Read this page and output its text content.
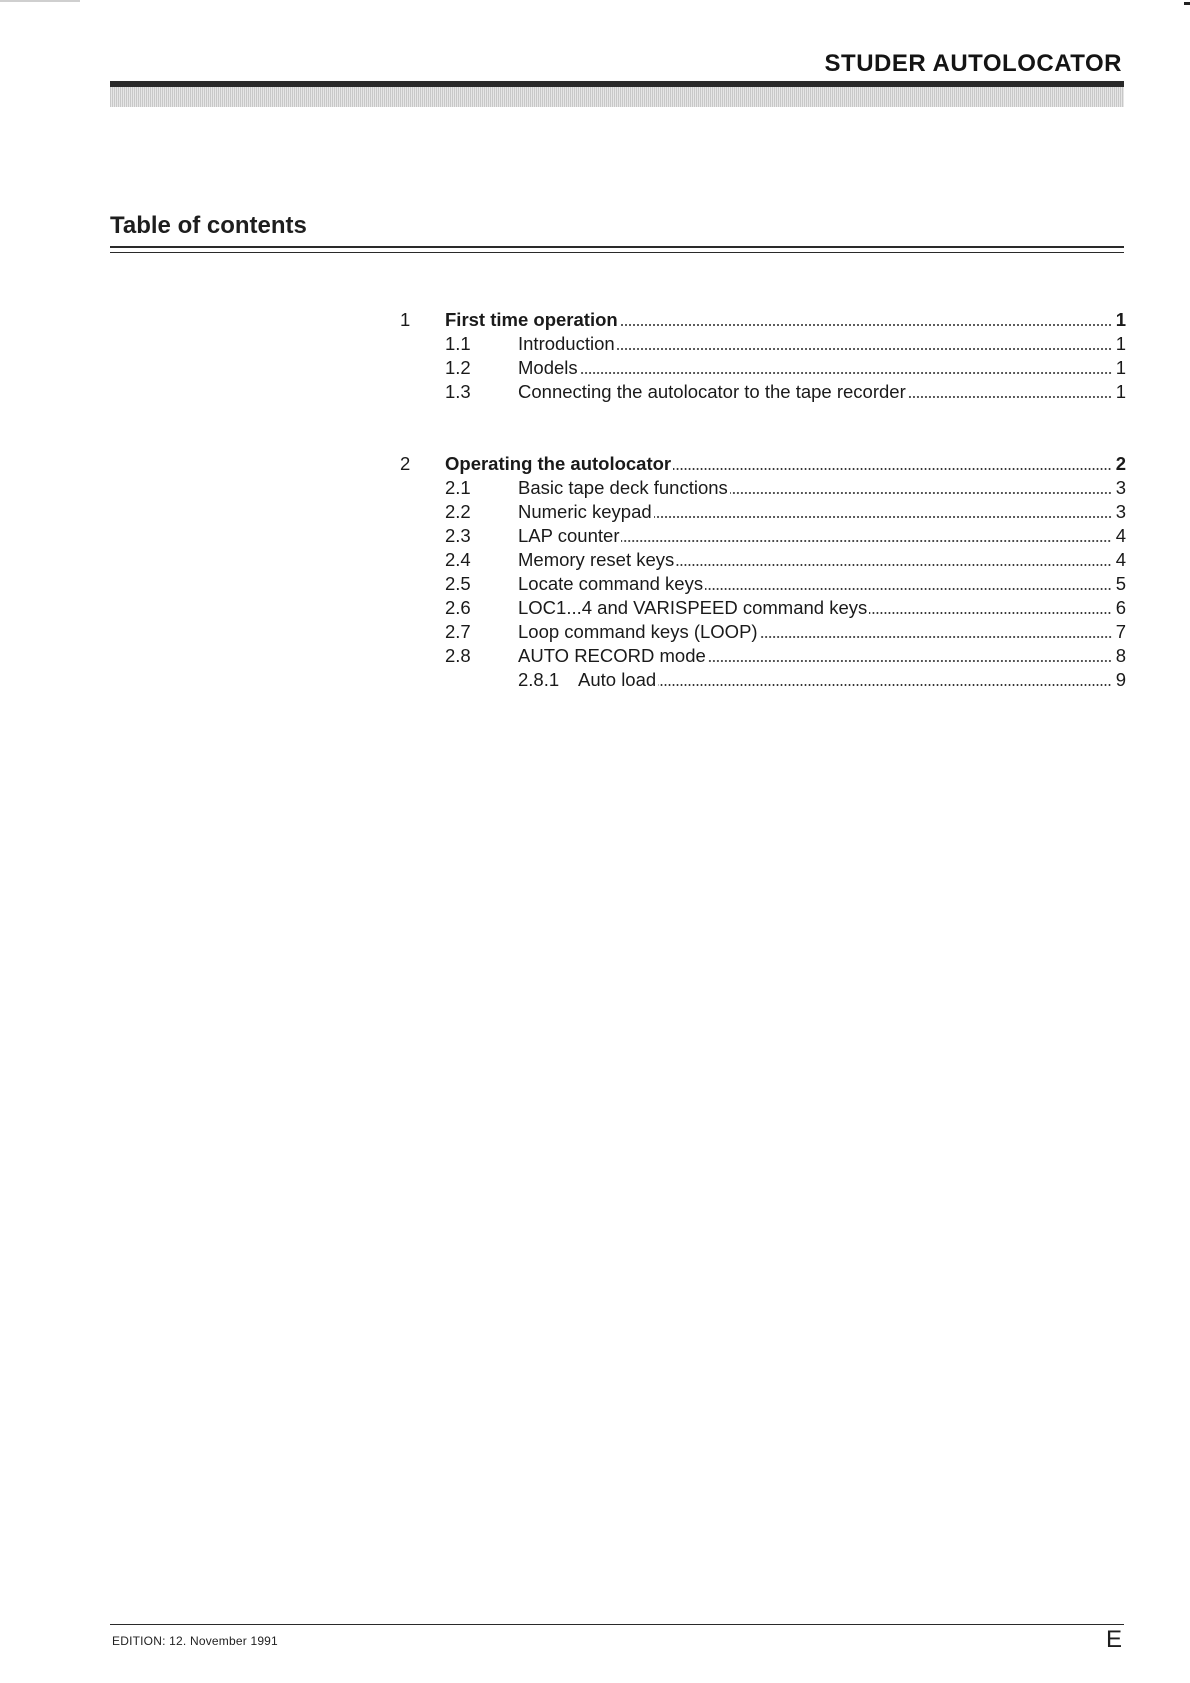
STUDER AUTOLOCATOR
Table of contents
1 First time operation	1
1.1	Introduction	1
1.2	Models	1
1.3	Connecting the autolocator to the tape recorder	1
2 Operating the autolocator	2
2.1	Basic tape deck functions	3
2.2	Numeric keypad	3
2.3	LAP counter	4
2.4	Memory reset keys	4
2.5	Locate command keys	5
2.6	LOC1...4 and VARISPEED command keys	6
2.7	Loop command keys (LOOP)	7
2.8	AUTO RECORD mode	8
2.8.1 Auto load	9
EDITION: 12. November 1991	E
